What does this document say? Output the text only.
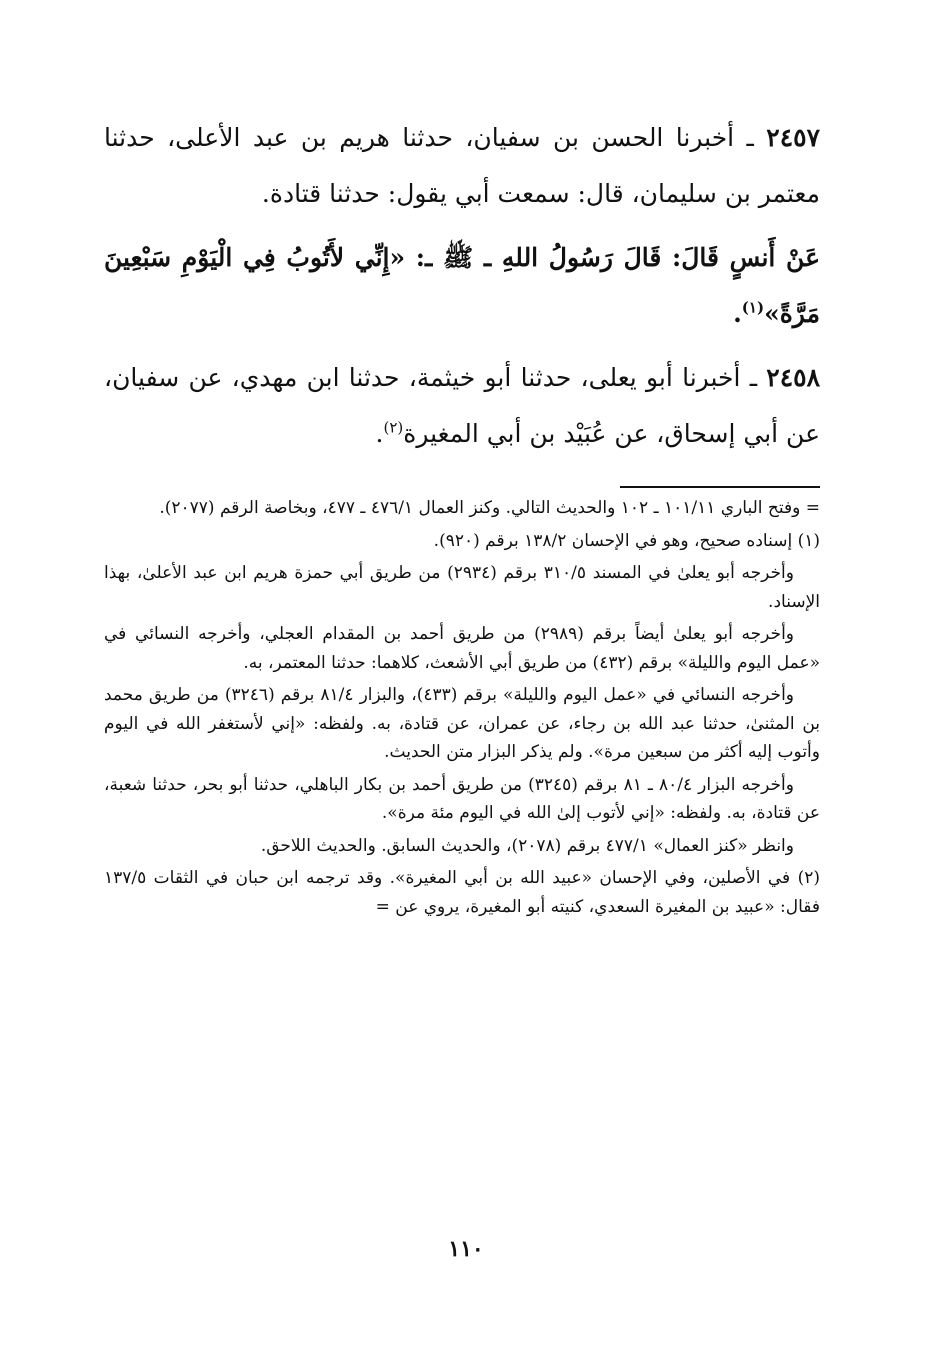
٢٤٥٧ ـ أخبرنا الحسن بن سفيان، حدثنا هريم بن عبد الأعلى، حدثنا معتمر بن سليمان، قال: سمعت أبي يقول: حدثنا قتادة.

عَنْ أَنسٍ قَالَ: قَالَ رَسُولُ اللهِ ـ ﷺ ـ: «إِنِّي لأَتُوبُ فِي الْيَوْمِ سَبْعِينَ مَرَّةً»$^{(١)}$.

٢٤٥٨ ـ أخبرنا أبو يعلى، حدثنا أبو خيثمة، حدثنا ابن مهدي، عن سفيان، عن أبي إسحاق، عن عُبَيْد بن أبي المغيرة$^{(٢)}$.

= وفتح الباري ١٠١/١١ ـ ١٠٢ والحديث التالي. وكنز العمال ٤٧٦/١ ـ ٤٧٧، وبخاصة الرقم (٢٠٧٧).

(١) إسناده صحيح، وهو في الإحسان ١٣٨/٢ برقم (٩٢٠).

وأخرجه أبو يعلىٰ في المسند ٣١٠/٥ برقم (٢٩٣٤) من طريق أبي حمزة هريم ابن عبد الأعلىٰ، بهذا الإسناد.

وأخرجه أبو يعلىٰ أيضاً برقم (٢٩٨٩) من طريق أحمد بن المقدام العجلي، وأخرجه النسائي في «عمل اليوم والليلة» برقم (٤٣٢) من طريق أبي الأشعث، كلاهما: حدثنا المعتمر، به.

وأخرجه النسائي في «عمل اليوم والليلة» برقم (٤٣٣)، والبزار ٨١/٤ برقم (٣٢٤٦) من طريق محمد بن المثنىٰ، حدثنا عبد الله بن رجاء، عن عمران، عن قتادة، به. ولفظه: «إني لأستغفر الله في اليوم وأتوب إليه أكثر من سبعين مرة». ولم يذكر البزار متن الحديث.

وأخرجه البزار ٨٠/٤ ـ ٨١ برقم (٣٢٤٥) من طريق أحمد بن بكار الباهلي، حدثنا أبو بحر، حدثنا شعبة، عن قتادة، به. ولفظه: «إني لأتوب إلىٰ الله في اليوم مئة مرة».

وانظر «كنز العمال» ٤٧٧/١ برقم (٢٠٧٨)، والحديث السابق. والحديث اللاحق.

(٢) في الأصلين، وفي الإحسان «عبيد الله بن أبي المغيرة». وقد ترجمه ابن حبان في الثقات ١٣٧/٥ فقال: «عبيد بن المغيرة السعدي، كنيته أبو المغيرة، يروي عن =

١١٠
